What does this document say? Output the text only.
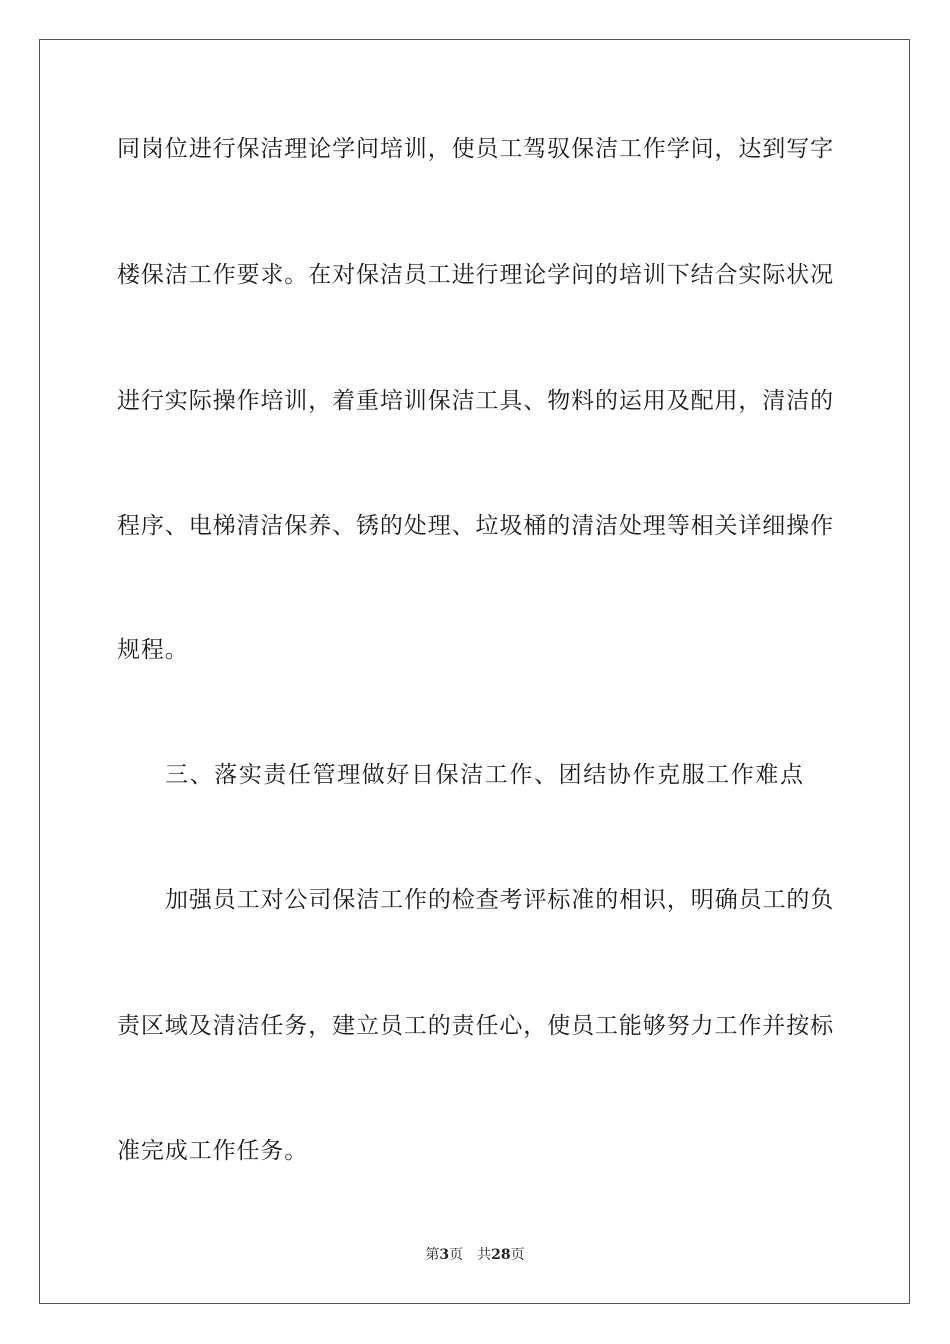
同岗位进行保洁理论学问培训，使员工驾驭保洁工作学问，达到写字
楼保洁工作要求。在对保洁员工进行理论学问的培训下结合实际状况
进行实际操作培训，着重培训保洁工具、物料的运用及配用，清洁的
程序、电梯清洁保养、锈的处理、垃圾桶的清洁处理等相关详细操作
规程。
三、落实责任管理做好日保洁工作、团结协作克服工作难点
加强员工对公司保洁工作的检查考评标准的相识，明确员工的负
责区域及清洁任务，建立员工的责任心，使员工能够努力工作并按标
准完成工作任务。
第3页 共28页
